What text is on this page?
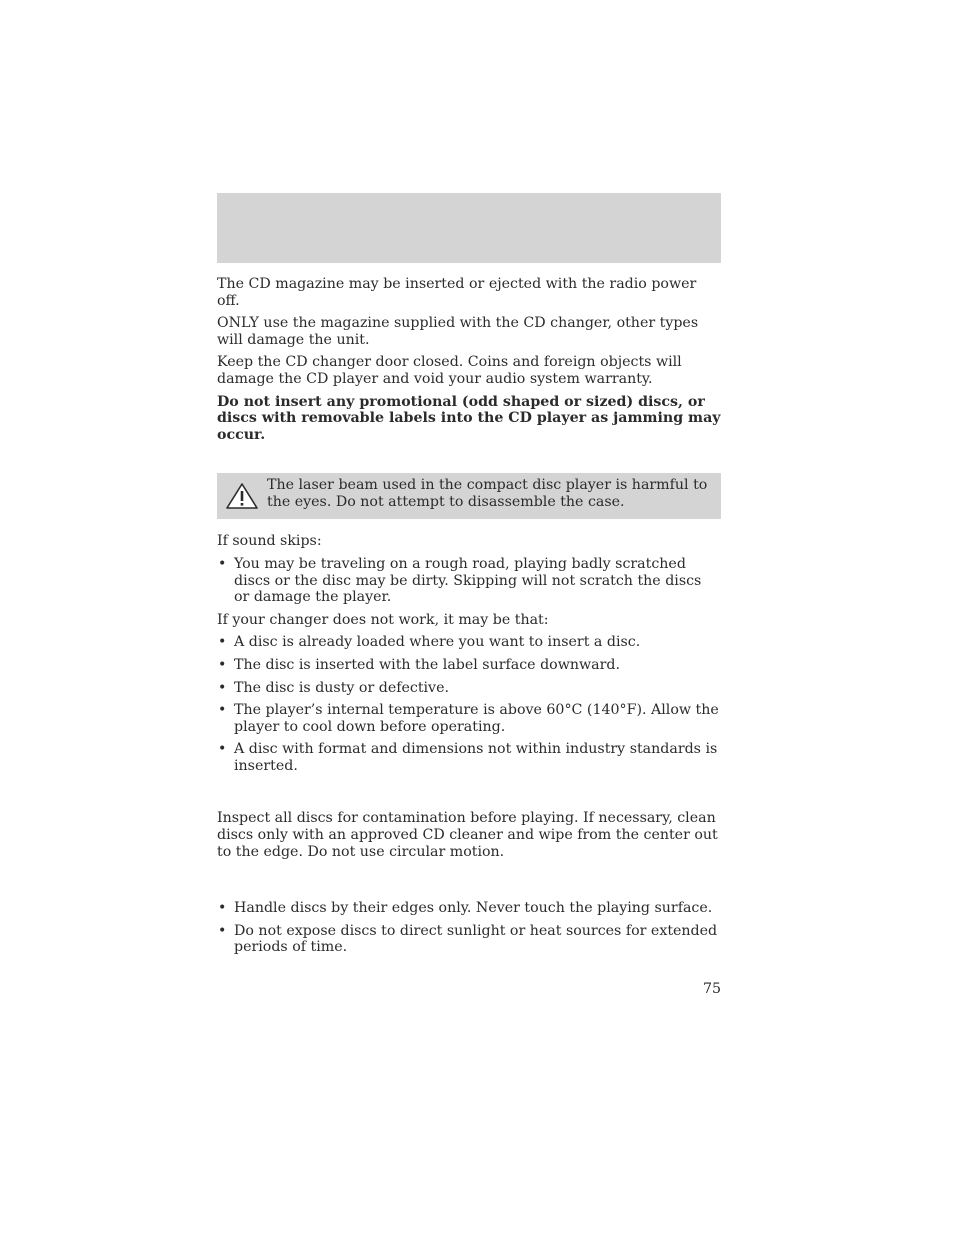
The CD magazine may be inserted or ejected with the radio power off.

ONLY use the magazine supplied with the CD changer, other types will damage the unit.

Keep the CD changer door closed. Coins and foreign objects will damage the CD player and void your audio system warranty.

Do not insert any promotional (odd shaped or sized) discs, or discs with removable labels into the CD player as jamming may occur.

The laser beam used in the compact disc player is harmful to the eyes. Do not attempt to disassemble the case.

If sound skips:

• You may be traveling on a rough road, playing badly scratched discs or the disc may be dirty. Skipping will not scratch the discs or damage the player.

If your changer does not work, it may be that:

• A disc is already loaded where you want to insert a disc.
• The disc is inserted with the label surface downward.
• The disc is dusty or defective.
• The player’s internal temperature is above 60°C (140°F). Allow the player to cool down before operating.
• A disc with format and dimensions not within industry standards is inserted.

Inspect all discs for contamination before playing. If necessary, clean discs only with an approved CD cleaner and wipe from the center out to the edge. Do not use circular motion.

• Handle discs by their edges only. Never touch the playing surface.
• Do not expose discs to direct sunlight or heat sources for extended periods of time.
75
